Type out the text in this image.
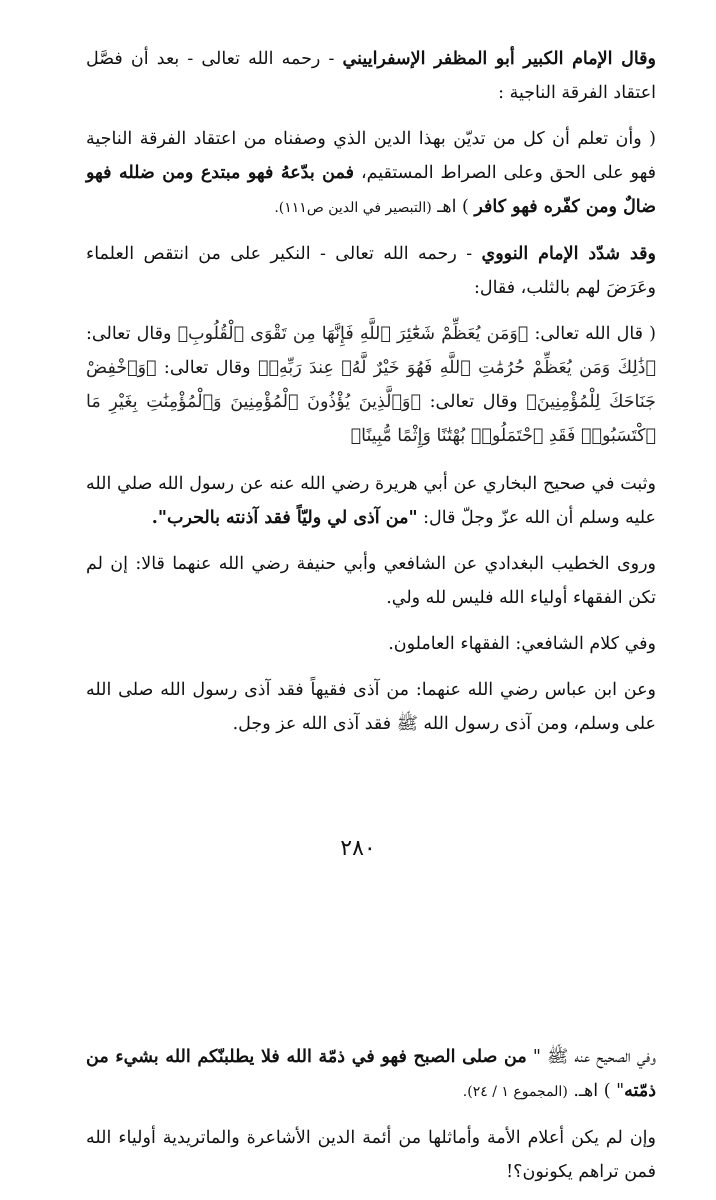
وقال الإمام الكبير أبو المظفر الإسفراييني - رحمه الله تعالى - بعد أن فصَّل اعتقاد الفرقة الناجية :

( وأن تعلم أن كل من تديّن بهذا الدين الذي وصفناه من اعتقاد الفرقة الناجية فهو على الحق وعلى الصراط المستقيم، فمن بدّعهُ فهو مبتدع ومن ضلله فهو ضالٌ ومن كفّره فهو كافر ) اهـ (التبصير في الدين ص١١١).

وقد شدّد الإمام النووي - رحمه الله تعالى - النكير على من انتقص العلماء وعَرَضَ لهم بالثلب، فقال:

( قال الله تعالى: ﴿وَمَن يُعَظِّمْ شَعَٰٓئِرَ ٱللَّهِ فَإِنَّهَا مِن تَقْوَى ٱلْقُلُوبِ﴾ وقال تعالى: ﴿ذَٰلِكَ وَمَن يُعَظِّمْ حُرُمَٰتِ ٱللَّهِ فَهُوَ خَيْرٌ لَّهُۥ عِندَ رَبِّهِۦ﴾ وقال تعالى: ﴿وَٱخْفِضْ جَنَاحَكَ لِلْمُؤْمِنِينَ﴾ وقال تعالى: ﴿وَٱلَّذِينَ يُؤْذُونَ ٱلْمُؤْمِنِينَ وَٱلْمُؤْمِنَٰتِ بِغَيْرِ مَا ٱكْتَسَبُوا۟ فَقَدِ ٱحْتَمَلُوا۟ بُهْتَٰنًا وَإِثْمًا مُّبِينًا﴾

وثبت في صحيح البخاري عن أبي هريرة رضي الله عنه عن رسول الله صلي الله عليه وسلم أن الله عزّ وجلّ قال: "من آذى لي وليّاً فقد آذنته بالحرب".

وروى الخطيب البغدادي عن الشافعي وأبي حنيفة رضي الله عنهما قالا: إن لم تكن الفقهاء أولياء الله فليس لله ولي.

وفي كلام الشافعي: الفقهاء العاملون.

وعن ابن عباس رضي الله عنهما: من آذى فقيهاً فقد آذى رسول الله صلى الله على وسلم، ومن آذى رسول الله ﷺ فقد آذى الله عز وجل.

٢٨٠

وفي الصحيح عنه ﷺ " من صلى الصبح فهو في ذمّة الله فلا يطلبنّكم الله بشيء من ذمّته" ) اهـ. (المجموع ١ / ٢٤).

وإن لم يكن أعلام الأمة وأماثلها من أئمة الدين الأشاعرة والماتريدية أولياء الله فمن تراهم يكونون؟!
